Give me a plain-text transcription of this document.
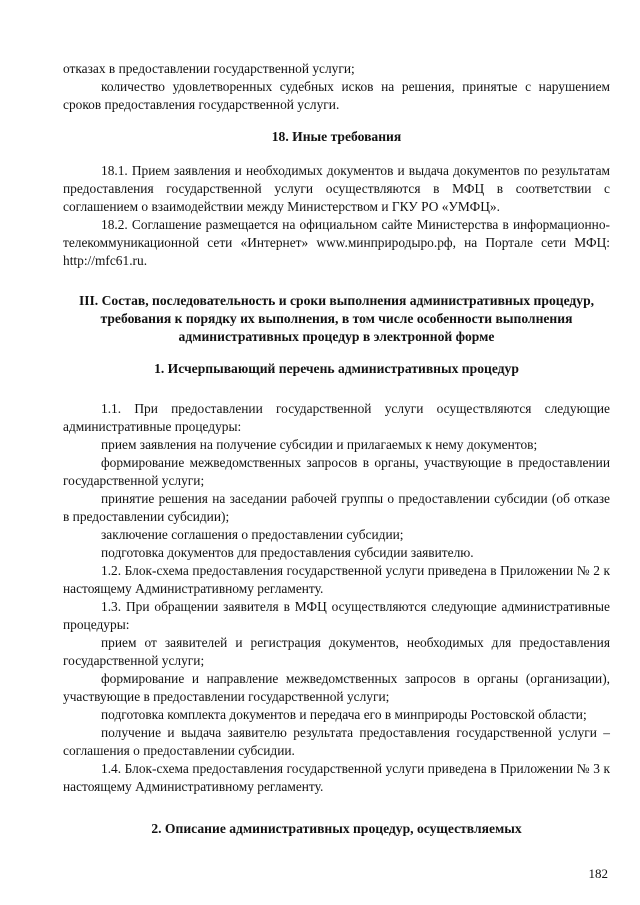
отказах в предоставлении государственной услуги;

количество удовлетворенных судебных исков на решения, принятые с нарушением сроков предоставления государственной услуги.

18. Иные требования

18.1. Прием заявления и необходимых документов и выдача документов по результатам предоставления государственной услуги осуществляются в МФЦ в соответствии с соглашением о взаимодействии между Министерством и ГКУ РО «УМФЦ».

18.2. Соглашение размещается на официальном сайте Министерства в информационно-телекоммуникационной сети «Интернет» www.минприродыро.рф, на Портале сети МФЦ: http://mfc61.ru.

III. Состав, последовательность и сроки выполнения административных процедур, требования к порядку их выполнения, в том числе особенности выполнения административных процедур в электронной форме
1. Исчерпывающий перечень административных процедур

1.1. При предоставлении государственной услуги осуществляются следующие административные процедуры:

прием заявления на получение субсидии и прилагаемых к нему документов;

формирование межведомственных запросов в органы, участвующие в предоставлении государственной услуги;

принятие решения на заседании рабочей группы о предоставлении субсидии (об отказе в предоставлении субсидии);

заключение соглашения о предоставлении субсидии;

подготовка документов для предоставления субсидии заявителю.

1.2. Блок-схема предоставления государственной услуги приведена в Приложении № 2 к настоящему Административному регламенту.

1.3. При обращении заявителя в МФЦ осуществляются следующие административные процедуры:

прием от заявителей и регистрация документов, необходимых для предоставления государственной услуги;

формирование и направление межведомственных запросов в органы (организации), участвующие в предоставлении государственной услуги;

подготовка комплекта документов и передача его в минприроды Ростовской области;

получение и выдача заявителю результата предоставления государственной услуги – соглашения о предоставлении субсидии.

1.4. Блок-схема предоставления государственной услуги приведена в Приложении № 3 к настоящему Административному регламенту.

2. Описание административных процедур, осуществляемых
182
